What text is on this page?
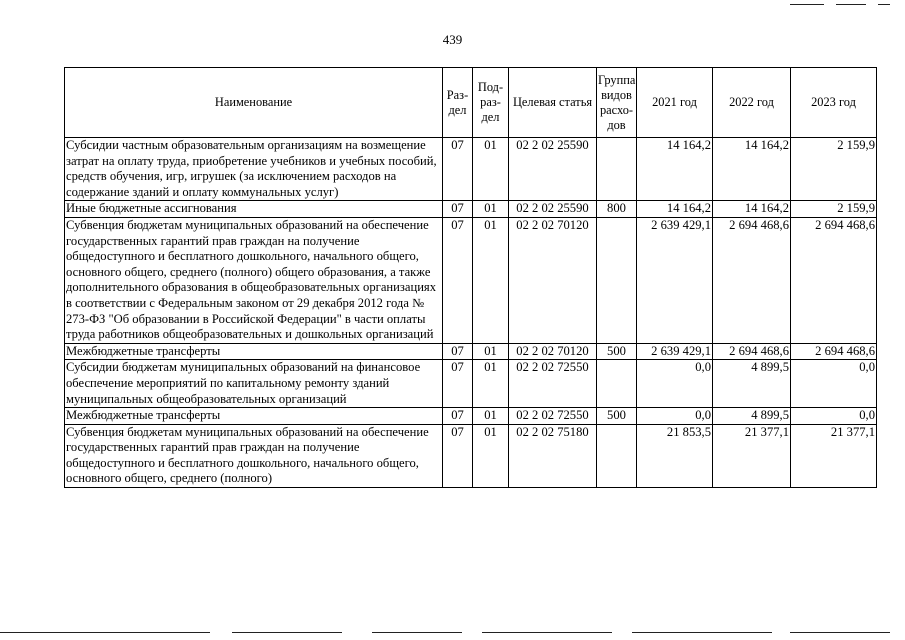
439
Наименование	Раз-дел	Под-раз-дел	Целевая статья	Группа видов расхо-дов	2021 год	2022 год	2023 год
Субсидии частным образовательным организациям на возмещение затрат на оплату труда, приобретение учебников и учебных пособий, средств обучения, игр, игрушек (за исключением расходов на содержание зданий и оплату коммунальных услуг)	07	01	02 2 02 25590		14 164,2	14 164,2	2 159,9
Иные бюджетные ассигнования	07	01	02 2 02 25590	800	14 164,2	14 164,2	2 159,9
Субвенция бюджетам муниципальных образований на обеспечение государственных гарантий прав граждан на получение общедоступного и бесплатного дошкольного, начального общего, основного общего, среднего (полного) общего образования, а также дополнительного образования в общеобразовательных организациях в соответствии с Федеральным законом от 29 декабря 2012 года № 273-ФЗ "Об образовании в Российской Федерации" в части оплаты труда работников общеобразовательных и дошкольных организаций	07	01	02 2 02 70120		2 639 429,1	2 694 468,6	2 694 468,6
Межбюджетные трансферты	07	01	02 2 02 70120	500	2 639 429,1	2 694 468,6	2 694 468,6
Субсидии бюджетам муниципальных образований на финансовое обеспечение мероприятий по капитальному ремонту зданий муниципальных общеобразовательных организаций	07	01	02 2 02 72550		0,0	4 899,5	0,0
Межбюджетные трансферты	07	01	02 2 02 72550	500	0,0	4 899,5	0,0
Субвенция бюджетам муниципальных образований на обеспечение государственных гарантий прав граждан на получение общедоступного и бесплатного дошкольного, начального общего, основного общего, среднего (полного)	07	01	02 2 02 75180		21 853,5	21 377,1	21 377,1
